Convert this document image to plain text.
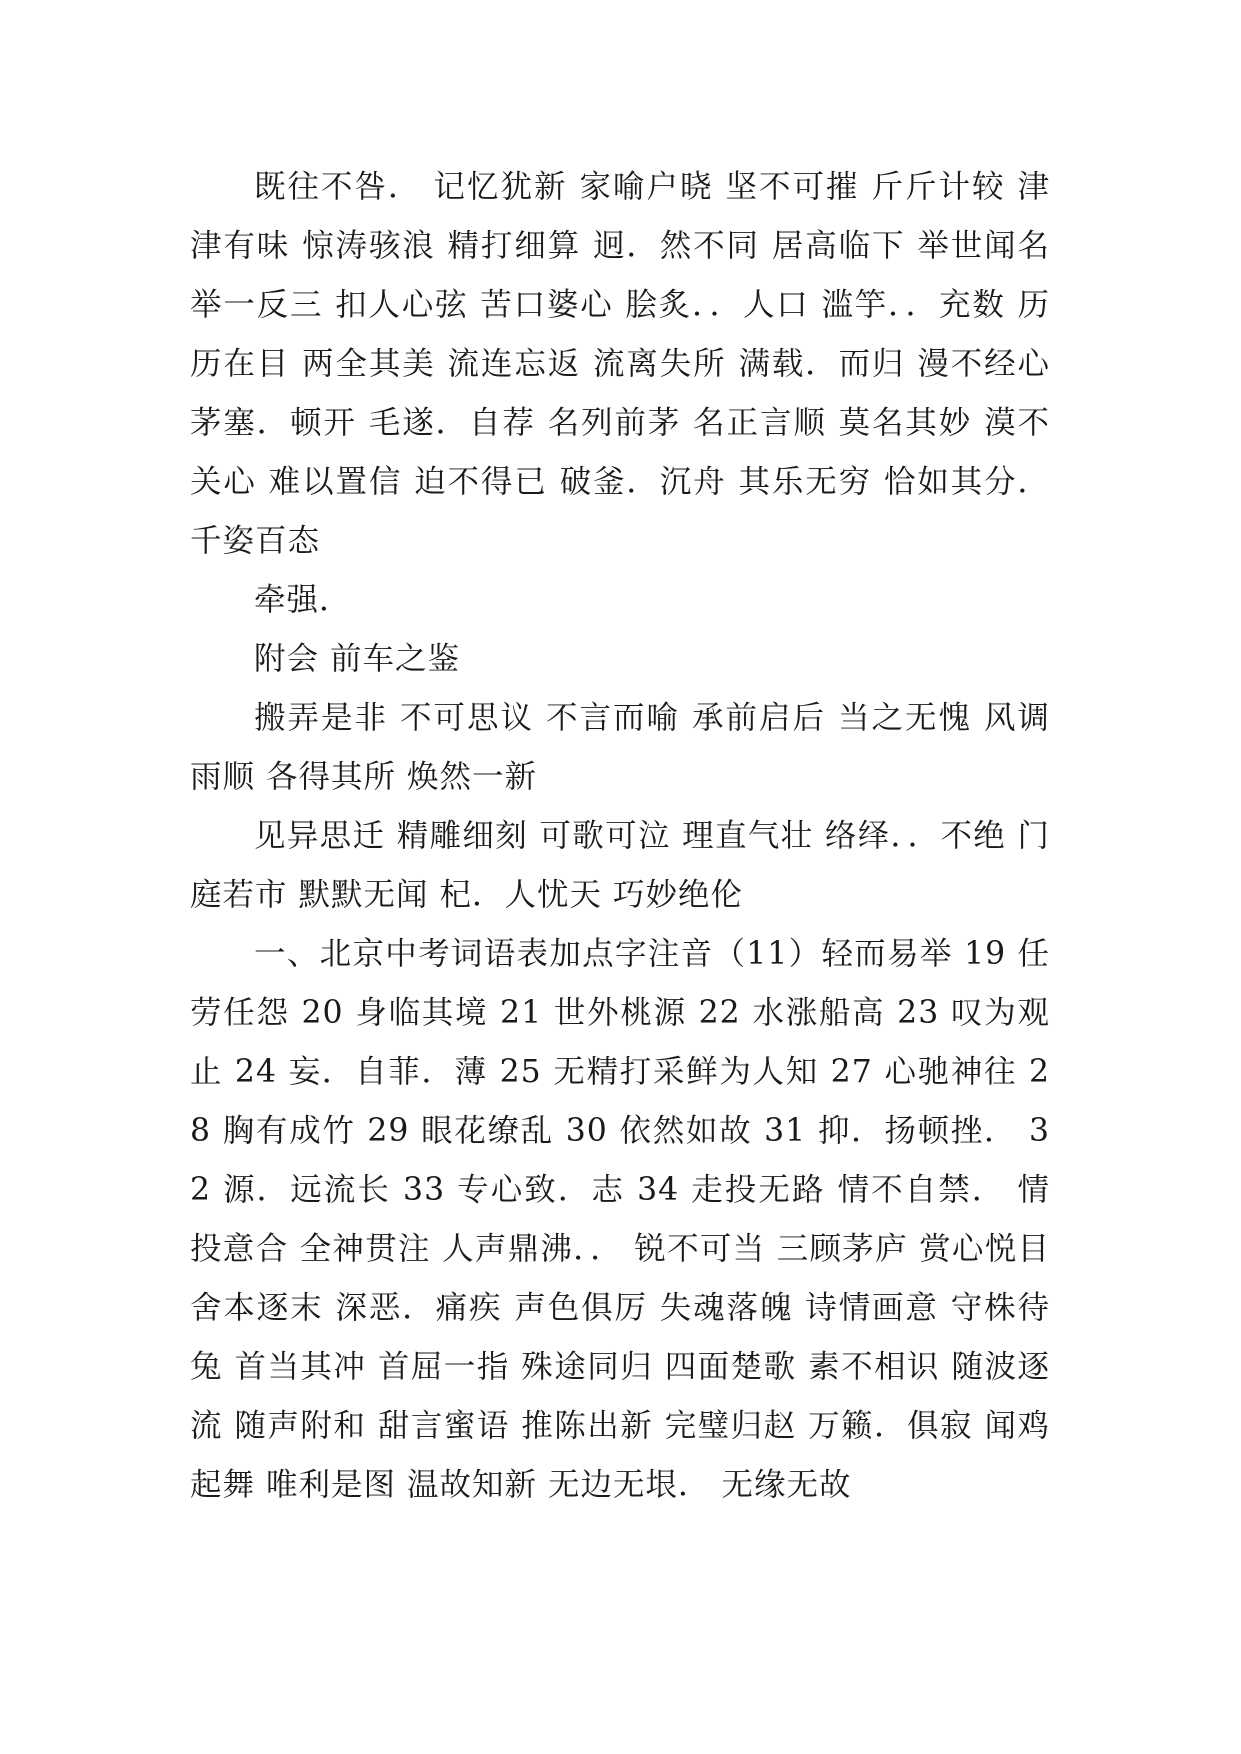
既往不咎． 记忆犹新 家喻户晓 坚不可摧 斤斤计较 津津有味 惊涛骇浪 精打细算 迥．然不同 居高临下 举世闻名 举一反三 扣人心弦 苦口婆心 脍炙．．人口 滥竽．．充数 历历在目 两全其美 流连忘返 流离失所 满载．而归 漫不经心 茅塞．顿开 毛遂．自荐 名列前茅 名正言顺 莫名其妙 漠不关心 难以置信 迫不得已 破釜．沉舟 其乐无穷 恰如其分． 千姿百态

牵强．

附会 前车之鉴

搬弄是非 不可思议 不言而喻 承前启后 当之无愧 风调雨顺 各得其所 焕然一新

见异思迁 精雕细刻 可歌可泣 理直气壮 络绎．．不绝 门庭若市 默默无闻 杞．人忧天 巧妙绝伦

一、北京中考词语表加点字注音（11）轻而易举 19 任劳任怨 20 身临其境 21 世外桃源 22 水涨船高 23 叹为观止 24 妄．自菲．薄 25 无精打采鲜为人知 27 心驰神往 28 胸有成竹 29 眼花缭乱 30 依然如故 31 抑．扬顿挫． 32 源．远流长 33 专心致．志 34 走投无路 情不自禁． 情投意合 全神贯注 人声鼎沸．． 锐不可当 三顾茅庐 赏心悦目 舍本逐末 深恶．痛疾 声色俱厉 失魂落魄 诗情画意 守株待兔 首当其冲 首屈一指 殊途同归 四面楚歌 素不相识 随波逐流 随声附和 甜言蜜语 推陈出新 完璧归赵 万籁．俱寂 闻鸡起舞 唯利是图 温故知新 无边无垠． 无缘无故
